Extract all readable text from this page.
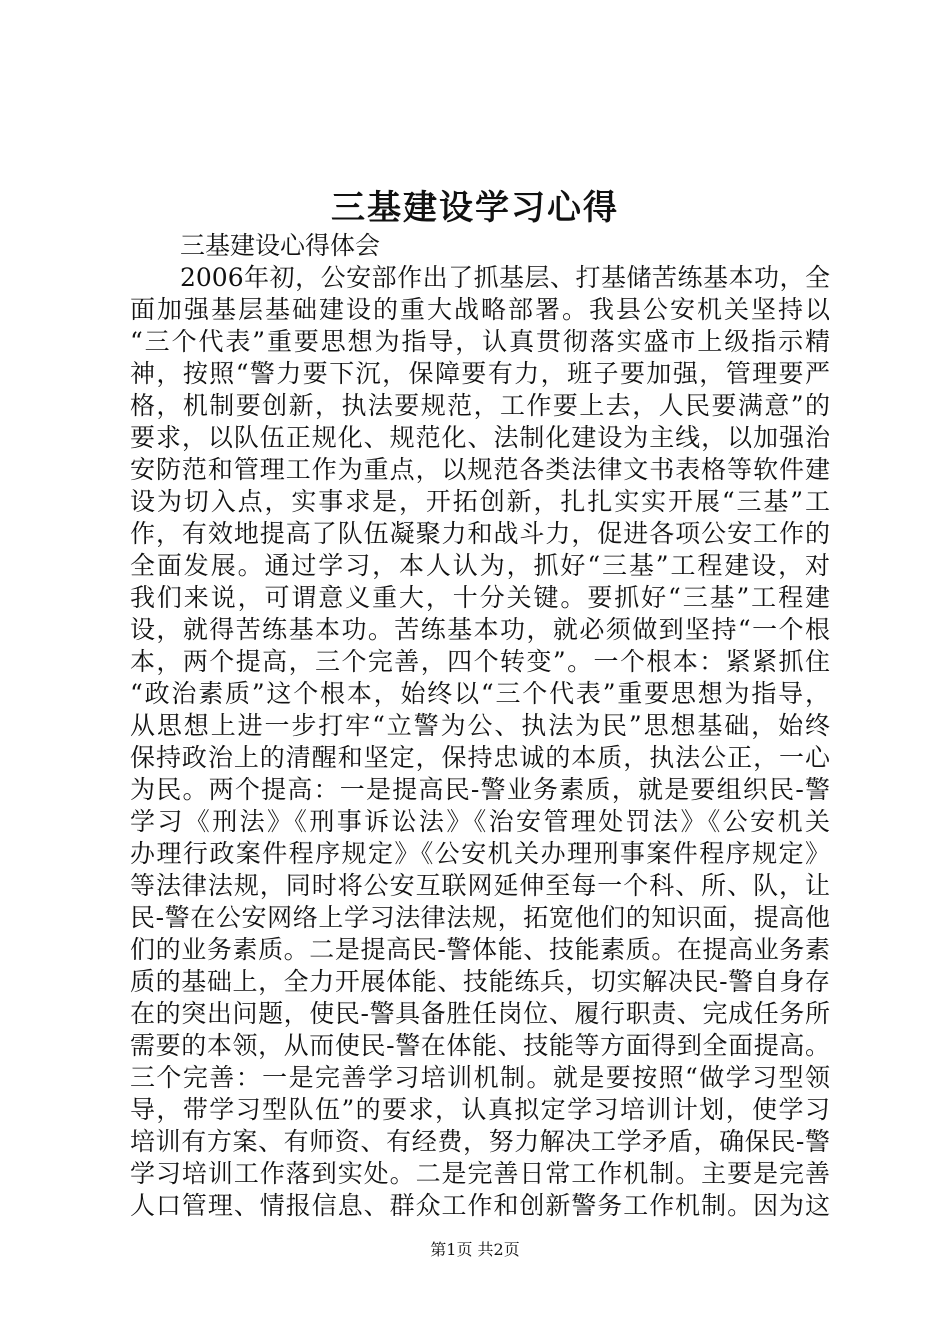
三基建设学习心得
三基建设心得体会
2006年初，公安部作出了抓基层、打基储苦练基本功，全
面加强基层基础建设的重大战略部署。我县公安机关坚持以
“三个代表”重要思想为指导，认真贯彻落实盛市上级指示精
神，按照“警力要下沉，保障要有力，班子要加强，管理要严
格，机制要创新，执法要规范，工作要上去，人民要满意”的
要求，以队伍正规化、规范化、法制化建设为主线，以加强治
安防范和管理工作为重点，以规范各类法律文书表格等软件建
设为切入点，实事求是，开拓创新，扎扎实实开展“三基”工
作，有效地提高了队伍凝聚力和战斗力，促进各项公安工作的
全面发展。通过学习，本人认为，抓好“三基”工程建设，对
我们来说，可谓意义重大，十分关键。要抓好“三基”工程建
设，就得苦练基本功。苦练基本功，就必须做到坚持“一个根
本，两个提高，三个完善，四个转变”。一个根本：紧紧抓住
“政治素质”这个根本，始终以“三个代表”重要思想为指导，
从思想上进一步打牢“立警为公、执法为民”思想基础，始终
保持政治上的清醒和坚定，保持忠诚的本质，执法公正，一心
为民。两个提高：一是提高民-警业务素质，就是要组织民-警
学习《刑法》《刑事诉讼法》《治安管理处罚法》《公安机关
办理行政案件程序规定》《公安机关办理刑事案件程序规定》
等法律法规，同时将公安互联网延伸至每一个科、所、队，让
民-警在公安网络上学习法律法规，拓宽他们的知识面，提高他
们的业务素质。二是提高民-警体能、技能素质。在提高业务素
质的基础上，全力开展体能、技能练兵，切实解决民-警自身存
在的突出问题，使民-警具备胜任岗位、履行职责、完成任务所
需要的本领，从而使民-警在体能、技能等方面得到全面提高。
三个完善：一是完善学习培训机制。就是要按照“做学习型领
导，带学习型队伍”的要求，认真拟定学习培训计划，使学习
培训有方案、有师资、有经费，努力解决工学矛盾，确保民-警
学习培训工作落到实处。二是完善日常工作机制。主要是完善
人口管理、情报信息、群众工作和创新警务工作机制。因为这
第1页 共2页
